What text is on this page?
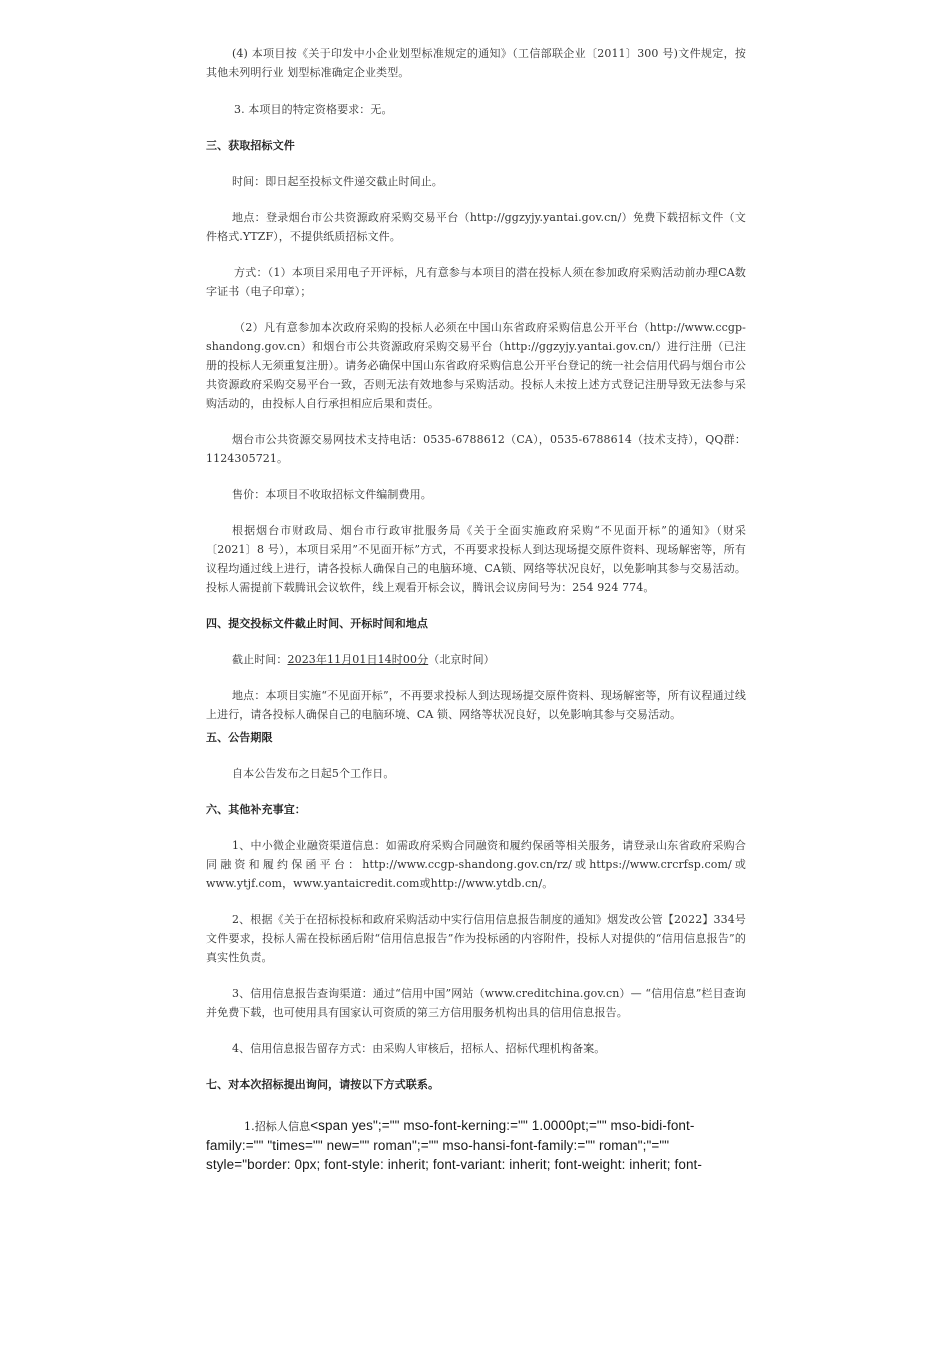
(4) 本项目按《关于印发中小企业划型标准规定的通知》（工信部联企业〔2011〕300 号)文件规定，按 其他未列明行业 划型标准确定企业类型。

3. 本项目的特定资格要求：无。

三、获取招标文件

时间：即日起至投标文件递交截止时间止。

地点：登录烟台市公共资源政府采购交易平台（http://ggzyjy.yantai.gov.cn/）免费下载招标文件（文件格式.YTZF），不提供纸质招标文件。

方式：（1）本项目采用电子开评标，凡有意参与本项目的潜在投标人须在参加政府采购活动前办理CA数字证书（电子印章）；

（2）凡有意参加本次政府采购的投标人必须在中国山东省政府采购信息公开平台（http://www.ccgp-shandong.gov.cn）和烟台市公共资源政府采购交易平台（http://ggzyjy.yantai.gov.cn/）进行注册（已注册的投标人无须重复注册）。请务必确保中国山东省政府采购信息公开平台登记的统一社会信用代码与烟台市公共资源政府采购交易平台一致，否则无法有效地参与采购活动。投标人未按上述方式登记注册导致无法参与采购活动的，由投标人自行承担相应后果和责任。

烟台市公共资源交易网技术支持电话：0535-6788612（CA），0535-6788614（技术支持），QQ群：1124305721。

售价：本项目不收取招标文件编制费用。

根据烟台市财政局、烟台市行政审批服务局《关于全面实施政府采购“不见面开标”的通知》（财采〔2021〕8 号），本项目采用”不见面开标”方式，不再要求投标人到达现场提交原件资料、现场解密等，所有议程均通过线上进行，请各投标人确保自己的电脑环境、CA锁、网络等状况良好，以免影响其参与交易活动。投标人需提前下载腾讯会议软件，线上观看开标会议，腾讯会议房间号为：254 924 774。

四、提交投标文件截止时间、开标时间和地点

截止时间：2023年11月01日14时00分（北京时间）

地点：本项目实施“不见面开标”，不再要求投标人到达现场提交原件资料、现场解密等，所有议程通过线上进行，请各投标人确保自己的电脑环境、CA 锁、网络等状况良好，以免影响其参与交易活动。

五、公告期限

自本公告发布之日起5个工作日。

六、其他补充事宜：

1、中小微企业融资渠道信息：如需政府采购合同融资和履约保函等相关服务，请登录山东省政府采购合同融资和履约保函平台：http://www.ccgp-shandong.gov.cn/rz/或https://www.crcrfsp.com/或www.ytjf.com，www.yantaicredit.com或http://www.ytdb.cn/。

2、根据《关于在招标投标和政府采购活动中实行信用信息报告制度的通知》烟发改公管【2022】334号文件要求，投标人需在投标函后附“信用信息报告”作为投标函的内容附件，投标人对提供的“信用信息报告”的真实性负责。

3、信用信息报告查询渠道：通过“信用中国”网站（www.creditchina.gov.cn）— “信用信息”栏目查询并免费下载，也可使用具有国家认可资质的第三方信用服务机构出具的信用信息报告。

4、信用信息报告留存方式：由采购人审核后，招标人、招标代理机构备案。

七、对本次招标提出询问，请按以下方式联系。

1.招标人信息<span yes";="" mso-font-kerning:="" 1.0000pt;="" mso-bidi-font-family:="" "times="" new="" roman";="" mso-hansi-font-family:="" roman";"="" style="border: 0px; font-style: inherit; font-variant: inherit; font-weight: inherit; font-
